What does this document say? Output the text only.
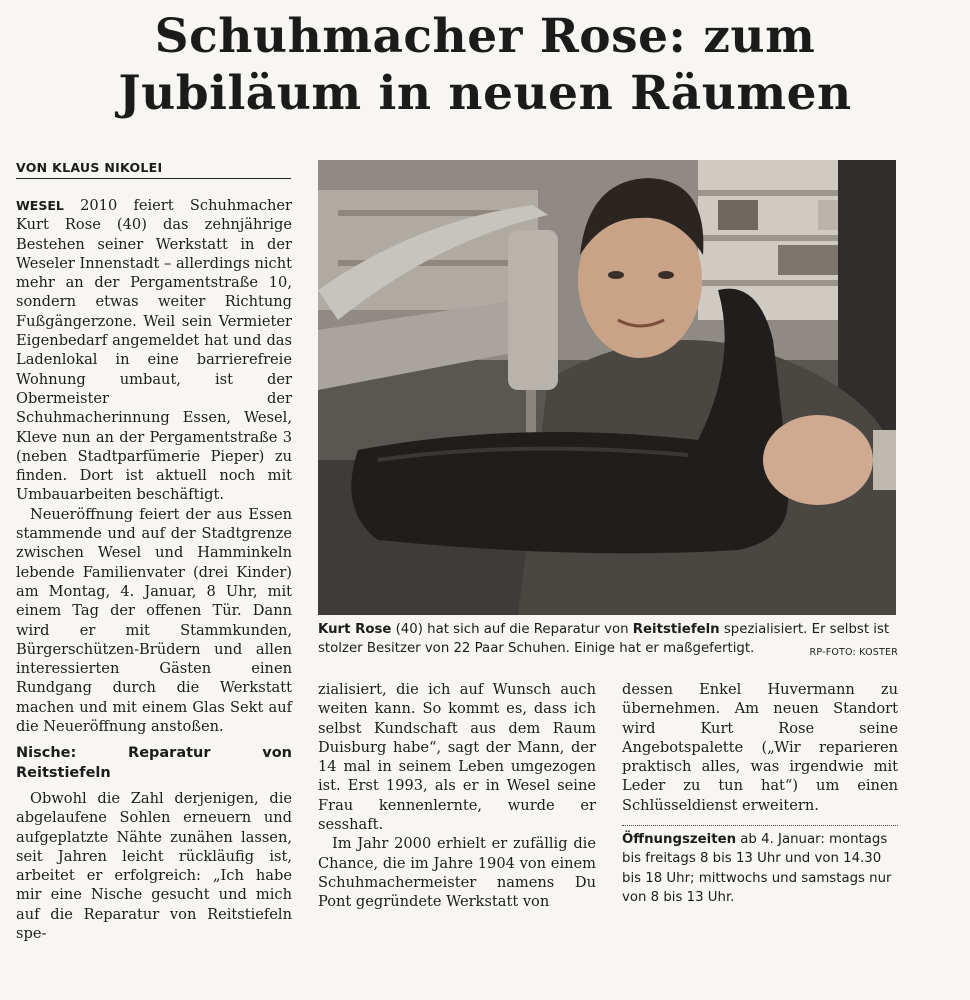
Schuhmacher Rose: zum
Jubiläum in neuen Räumen
VON KLAUS NIKOLEI

WESEL 2010 feiert Schuhmacher Kurt Rose (40) das zehnjährige Bestehen seiner Werkstatt in der Weseler Innenstadt – allerdings nicht mehr an der Pergamentstraße 10, sondern etwas weiter Richtung Fußgängerzone. Weil sein Vermieter Eigenbedarf angemeldet hat und das Ladenlokal in eine barrierefreie Wohnung umbaut, ist der Obermeister der Schuhmacherinnung Essen, Wesel, Kleve nun an der Pergamentstraße 3 (neben Stadtparfümerie Pieper) zu finden. Dort ist aktuell noch mit Umbauarbeiten beschäftigt.

Neueröffnung feiert der aus Essen stammende und auf der Stadtgrenze zwischen Wesel und Hamminkeln lebende Familienvater (drei Kinder) am Montag, 4. Januar, 8 Uhr, mit einem Tag der offenen Tür. Dann wird er mit Stammkunden, Bürgerschützen-Brüdern und allen interessierten Gästen einen Rundgang durch die Werkstatt machen und mit einem Glas Sekt auf die Neueröffnung anstoßen.

Nische: Reparatur von Reitstiefeln

Obwohl die Zahl derjenigen, die abgelaufene Sohlen erneuern und aufgeplatzte Nähte zunähen lassen, seit Jahren leicht rückläufig ist, arbeitet er erfolgreich: „Ich habe mir eine Nische gesucht und mich auf die Reparatur von Reitstiefeln spe-

Kurt Rose (40) hat sich auf die Reparatur von Reitstiefeln spezialisiert. Er selbst ist stolzer Besitzer von 22 Paar Schuhen. Einige hat er maßgefertigt.	RP-FOTO: KOSTER

zialisiert, die ich auf Wunsch auch weiten kann. So kommt es, dass ich selbst Kundschaft aus dem Raum Duisburg habe“, sagt der Mann, der 14 mal in seinem Leben umgezogen ist. Erst 1993, als er in Wesel seine Frau kennenlernte, wurde er sesshaft.

Im Jahr 2000 erhielt er zufällig die Chance, die im Jahre 1904 von einem Schuhmachermeister namens Du Pont gegründete Werkstatt von

dessen Enkel Huvermann zu übernehmen. Am neuen Standort wird Kurt Rose seine Angebotspalette („Wir reparieren praktisch alles, was irgendwie mit Leder zu tun hat“) um einen Schlüsseldienst erweitern.

Öffnungszeiten ab 4. Januar: montags bis freitags 8 bis 13 Uhr und von 14.30 bis 18 Uhr; mittwochs und samstags nur von 8 bis 13 Uhr.
